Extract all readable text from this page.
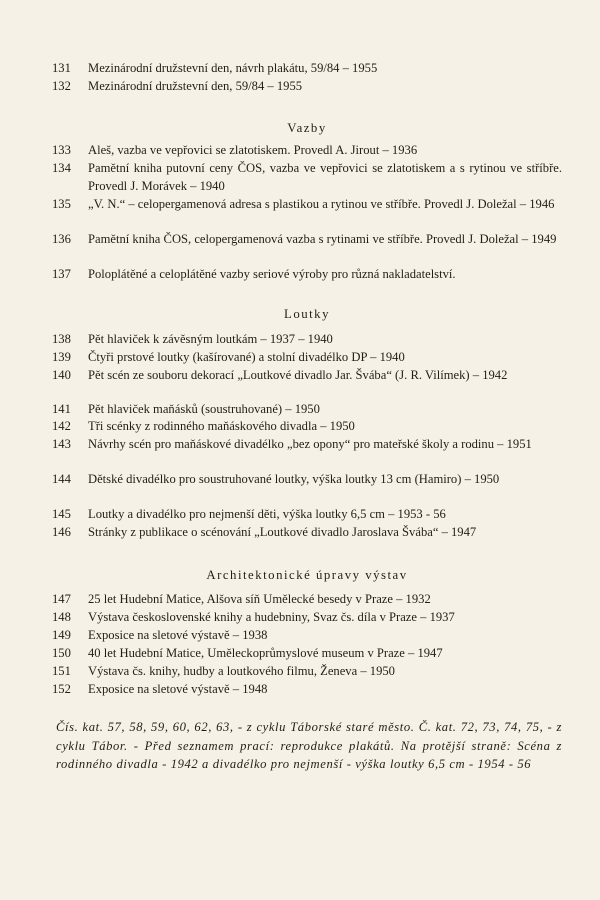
131	Mezinárodní družstevní den, návrh plakátu, 59/84 – 1955
132	Mezinárodní družstevní den, 59/84 – 1955
Vazby
133	Aleš, vazba ve vepřovici se zlatotiskem. Provedl A. Jirout – 1936
134	Pamětní kniha putovní ceny ČOS, vazba ve vepřovici se zlatotiskem a s rytinou ve stříbře. Provedl J. Morávek – 1940
135	„V. N.“ – celopergamenová adresa s plastikou a rytinou ve stříbře. Provedl J. Doležal – 1946
136	Pamětní kniha ČOS, celopergamenová vazba s rytinami ve stříbře. Provedl J. Doležal – 1949
137	Poloplátěné a celoplátěné vazby seriové výroby pro různá nakladatelství.
Loutky
138	Pět hlaviček k závěsným loutkám – 1937 – 1940
139	Čtyři prstové loutky (kašírované) a stolní divadélko DP – 1940
140	Pět scén ze souboru dekorací „Loutkové divadlo Jar. Švába“ (J. R. Vilímek) – 1942
141	Pět hlaviček maňásků (soustruhované) – 1950
142	Tři scénky z rodinného maňáskového divadla – 1950
143	Návrhy scén pro maňáskové divadélko „bez opony“ pro mateřské školy a rodinu – 1951
144	Dětské divadélko pro soustruhované loutky, výška loutky 13 cm (Hamiro) – 1950
145	Loutky a divadélko pro nejmenší děti, výška loutky 6,5 cm – 1953 - 56
146	Stránky z publikace o scénování „Loutkové divadlo Jaroslava Švába“ – 1947
Architektonické úpravy výstav
147	25 let Hudební Matice, Alšova síň Umělecké besedy v Praze – 1932
148	Výstava československé knihy a hudebniny, Svaz čs. díla v Praze – 1937
149	Exposice na sletové výstavě – 1938
150	40 let Hudební Matice, Uměleckoprůmyslové museum v Praze – 1947
151	Výstava čs. knihy, hudby a loutkového filmu, Ženeva – 1950
152	Exposice na sletové výstavě – 1948
Čís. kat. 57, 58, 59, 60, 62, 63, - z cyklu Táborské staré město. Č. kat. 72, 73, 74, 75, - z cyklu Tábor. - Před seznamem prací: reprodukce plakátů. Na protější straně: Scéna z rodinného divadla - 1942 a divadélko pro nejmenší - výška loutky 6,5 cm - 1954 - 56
